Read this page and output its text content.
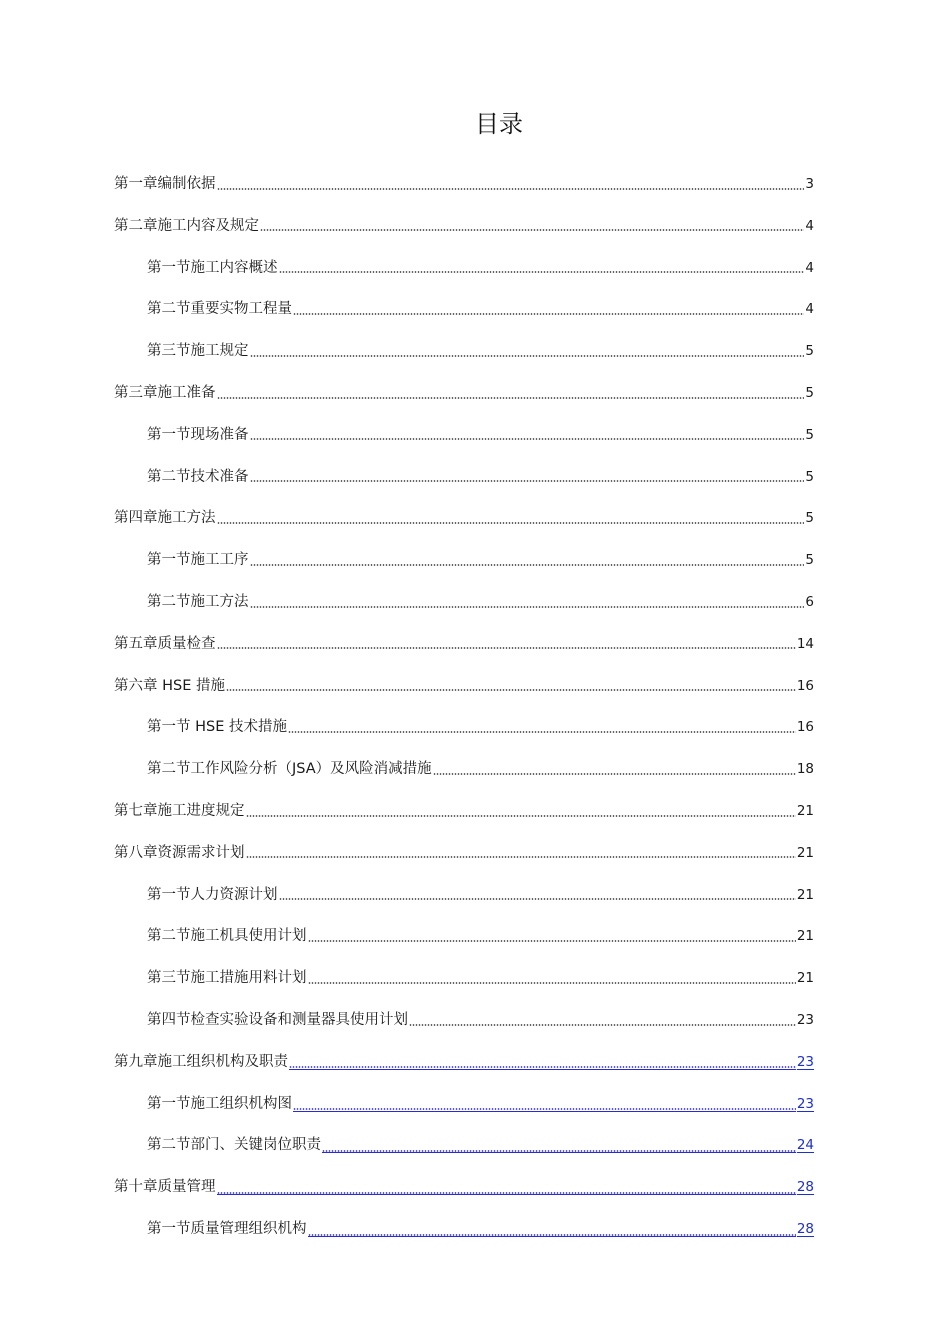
目录
第一章编制依据	3
第二章施工内容及规定	4
第一节施工内容概述	4
第二节重要实物工程量	4
第三节施工规定	5
第三章施工准备	5
第一节现场准备	5
第二节技术准备	5
第四章施工方法	5
第一节施工工序	5
第二节施工方法	6
第五章质量检查	14
第六章 HSE 措施	16
第一节 HSE 技术措施	16
第二节工作风险分析（JSA）及风险消减措施	18
第七章施工进度规定	21
第八章资源需求计划	21
第一节人力资源计划	21
第二节施工机具使用计划	21
第三节施工措施用料计划	21
第四节检查实验设备和测量器具使用计划	23
第九章施工组织机构及职责	23
第一节施工组织机构图	23
第二节部门、关键岗位职责	24
第十章质量管理	28
第一节质量管理组织机构	28
